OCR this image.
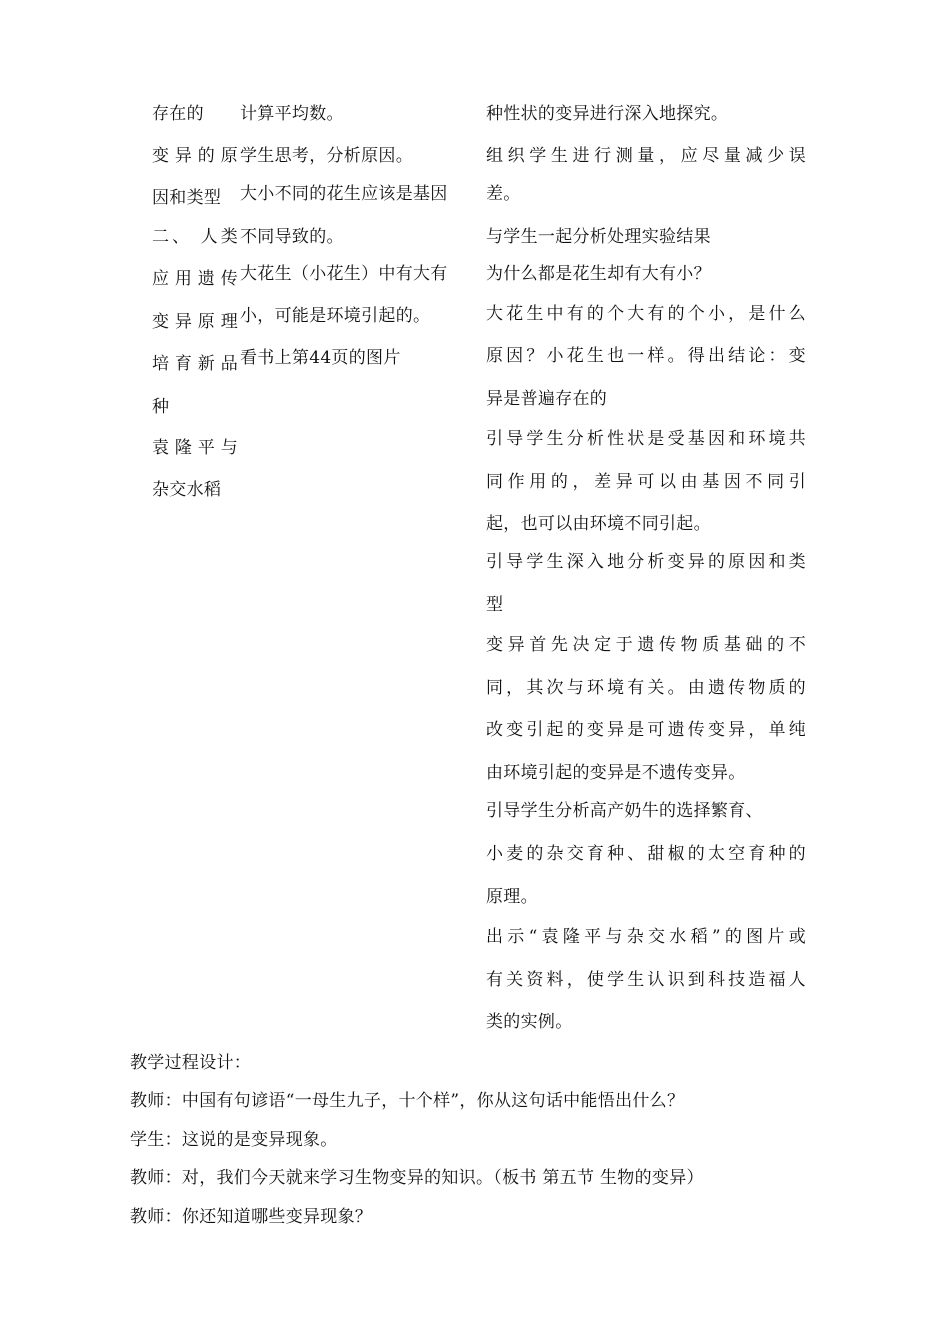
存在的
变异的原
因和类型
二、 人类
应用遗传
变异原理
培育新品
种
袁隆平与
杂交水稻
计算平均数。
学生思考，分析原因。
大小不同的花生应该是基因
不同导致的。
大花生（小花生）中有大有
小，可能是环境引起的。
看书上第44页的图片
种性状的变异进行深入地探究。
组织学生进行测量，应尽量减少误
差。
与学生一起分析处理实验结果
为什么都是花生却有大有小？
大花生中有的个大有的个小，是什么
原因？小花生也一样。得出结论：变
异是普遍存在的
引导学生分析性状是受基因和环境共
同作用的，差异可以由基因不同引
起，也可以由环境不同引起。
引导学生深入地分析变异的原因和类
型
变异首先决定于遗传物质基础的不
同，其次与环境有关。由遗传物质的
改变引起的变异是可遗传变异，单纯
由环境引起的变异是不遗传变异。
引导学生分析高产奶牛的选择繁育、
小麦的杂交育种、甜椒的太空育种的
原理。
出示“袁隆平与杂交水稻”的图片或
有关资料，使学生认识到科技造福人
类的实例。
教学过程设计：
教师：中国有句谚语“一母生九子，十个样”，你从这句话中能悟出什么？
学生：这说的是变异现象。
教师：对，我们今天就来学习生物变异的知识。（板书 第五节 生物的变异）
教师：你还知道哪些变异现象？
